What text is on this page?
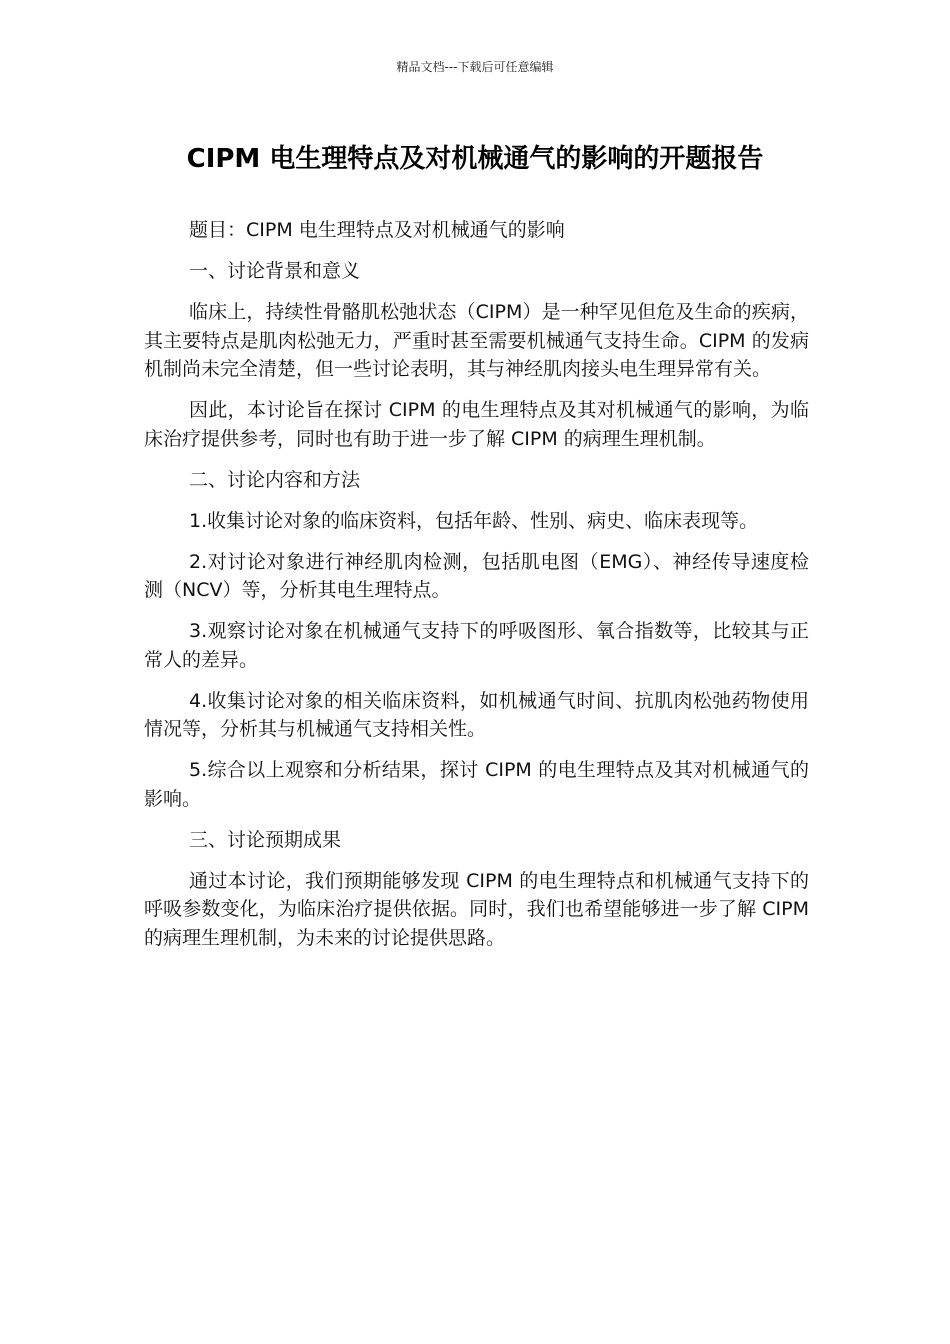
精品文档---下载后可任意编辑
CIPM 电生理特点及对机械通气的影响的开题报告

题目：CIPM 电生理特点及对机械通气的影响

一、讨论背景和意义

临床上，持续性骨骼肌松弛状态（CIPM）是一种罕见但危及生命的疾病，其主要特点是肌肉松弛无力，严重时甚至需要机械通气支持生命。CIPM 的发病机制尚未完全清楚，但一些讨论表明，其与神经肌肉接头电生理异常有关。

因此，本讨论旨在探讨 CIPM 的电生理特点及其对机械通气的影响，为临床治疗提供参考，同时也有助于进一步了解 CIPM 的病理生理机制。

二、讨论内容和方法

1.收集讨论对象的临床资料，包括年龄、性别、病史、临床表现等。

2.对讨论对象进行神经肌肉检测，包括肌电图（EMG）、神经传导速度检测（NCV）等，分析其电生理特点。

3.观察讨论对象在机械通气支持下的呼吸图形、氧合指数等，比较其与正常人的差异。

4.收集讨论对象的相关临床资料，如机械通气时间、抗肌肉松弛药物使用情况等，分析其与机械通气支持相关性。

5.综合以上观察和分析结果，探讨 CIPM 的电生理特点及其对机械通气的影响。

三、讨论预期成果

通过本讨论，我们预期能够发现 CIPM 的电生理特点和机械通气支持下的呼吸参数变化，为临床治疗提供依据。同时，我们也希望能够进一步了解 CIPM 的病理生理机制，为未来的讨论提供思路。
